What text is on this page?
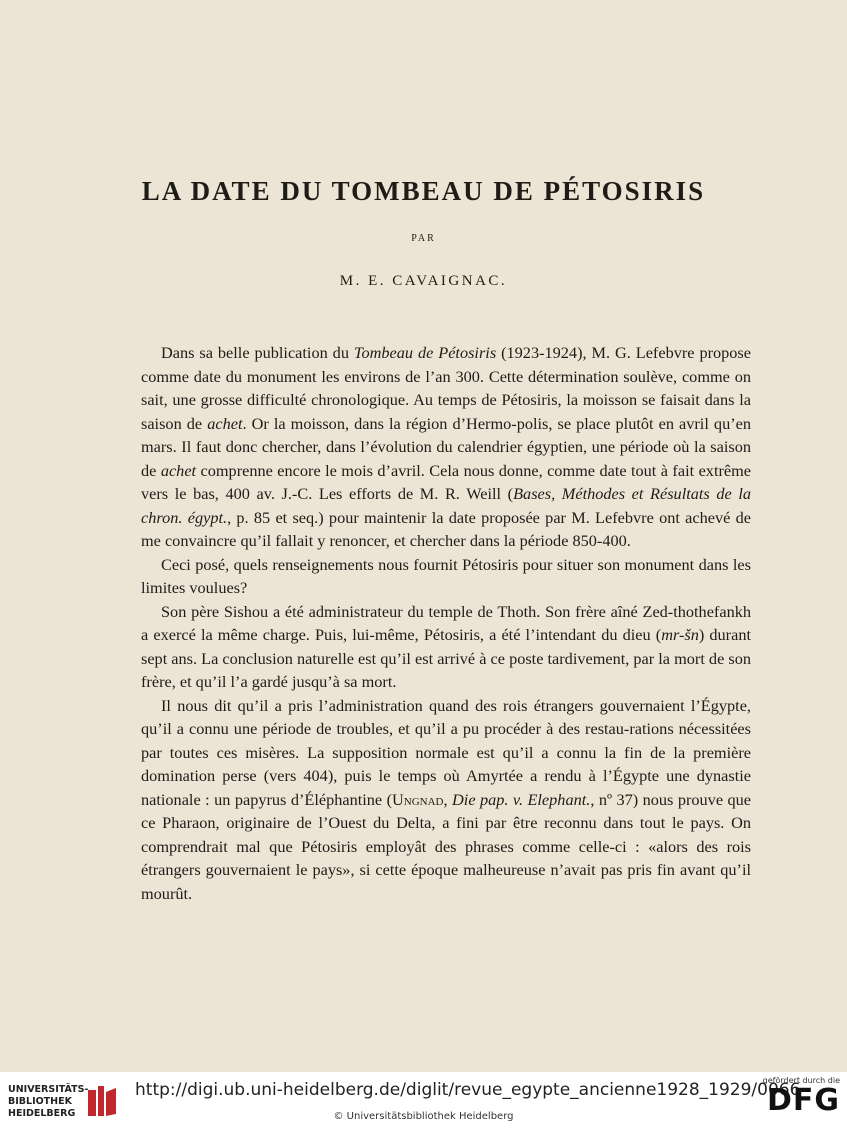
LA DATE DU TOMBEAU DE PÉTOSIRIS
PAR
M. E. CAVAIGNAC.

Dans sa belle publication du Tombeau de Pétosiris (1923-1924), M. G. Lefebvre propose comme date du monument les environs de l’an 300. Cette détermination soulève, comme on sait, une grosse difficulté chronologique. Au temps de Pétosiris, la moisson se faisait dans la saison de achet. Or la moisson, dans la région d’Hermo-polis, se place plutôt en avril qu’en mars. Il faut donc chercher, dans l’évolution du calendrier égyptien, une période où la saison de achet comprenne encore le mois d’avril. Cela nous donne, comme date tout à fait extrême vers le bas, 400 av. J.-C. Les efforts de M. R. Weill (Bases, Méthodes et Résultats de la chron. égypt., p. 85 et seq.) pour maintenir la date proposée par M. Lefebvre ont achevé de me convaincre qu’il fallait y renoncer, et chercher dans la période 850-400.

Ceci posé, quels renseignements nous fournit Pétosiris pour situer son monument dans les limites voulues?

Son père Sishou a été administrateur du temple de Thoth. Son frère aîné Zed-thothefankh a exercé la même charge. Puis, lui-même, Pétosiris, a été l’intendant du dieu (mr-šn) durant sept ans. La conclusion naturelle est qu’il est arrivé à ce poste tardivement, par la mort de son frère, et qu’il l’a gardé jusqu’à sa mort.

Il nous dit qu’il a pris l’administration quand des rois étrangers gouvernaient l’Égypte, qu’il a connu une période de troubles, et qu’il a pu procéder à des restau-rations nécessitées par toutes ces misères. La supposition normale est qu’il a connu la fin de la première domination perse (vers 404), puis le temps où Amyrtée a rendu à l’Égypte une dynastie nationale : un papyrus d’Éléphantine (Ungnad, Die pap. v. Elephant., nº 37) nous prouve que ce Pharaon, originaire de l’Ouest du Delta, a fini par être reconnu dans tout le pays. On comprendrait mal que Pétosiris employât des phrases comme celle-ci : «alors des rois étrangers gouvernaient le pays», si cette époque malheureuse n’avait pas pris fin avant qu’il mourût.

UNIVERSITÄTS-
BIBLIOTHEK
HEIDELBERG
http://digi.ub.uni-heidelberg.de/diglit/revue_egypte_ancienne1928_1929/0066
© Universitätsbibliothek Heidelberg
gefördert durch die
DFG
